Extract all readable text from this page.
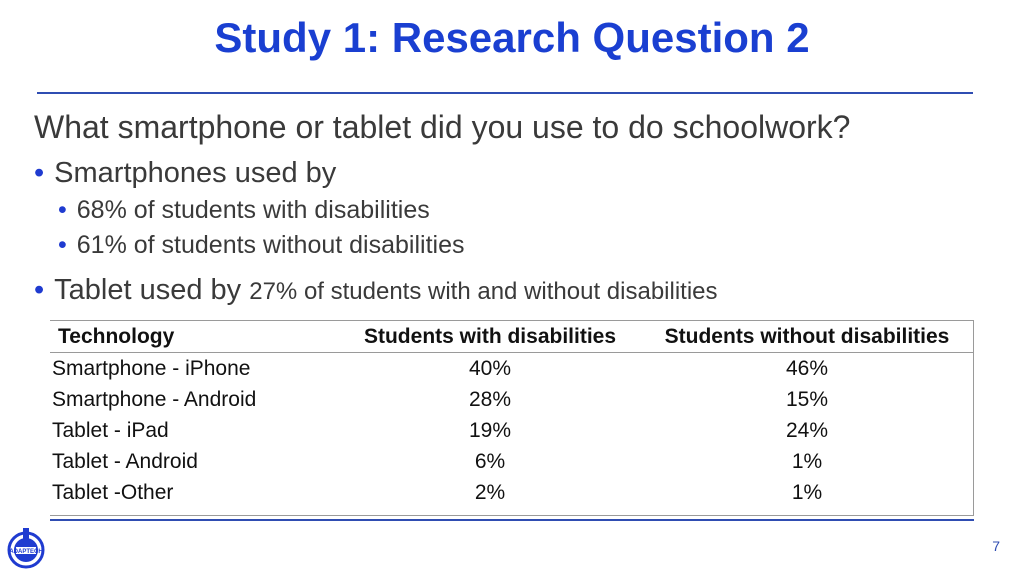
Study 1: Research Question 2
What smartphone or tablet did you use to do schoolwork?
• Smartphones used by
• 68% of students with disabilities
• 61% of students without disabilities
• Tablet used by 27% of students with and without disabilities
Technology	Students with disabilities	Students without disabilities
Smartphone - iPhone	40%	46%
Smartphone - Android	28%	15%
Tablet - iPad	19%	24%
Tablet - Android	6%	1%
Tablet -Other	2%	1%
ADAPTECH	7
